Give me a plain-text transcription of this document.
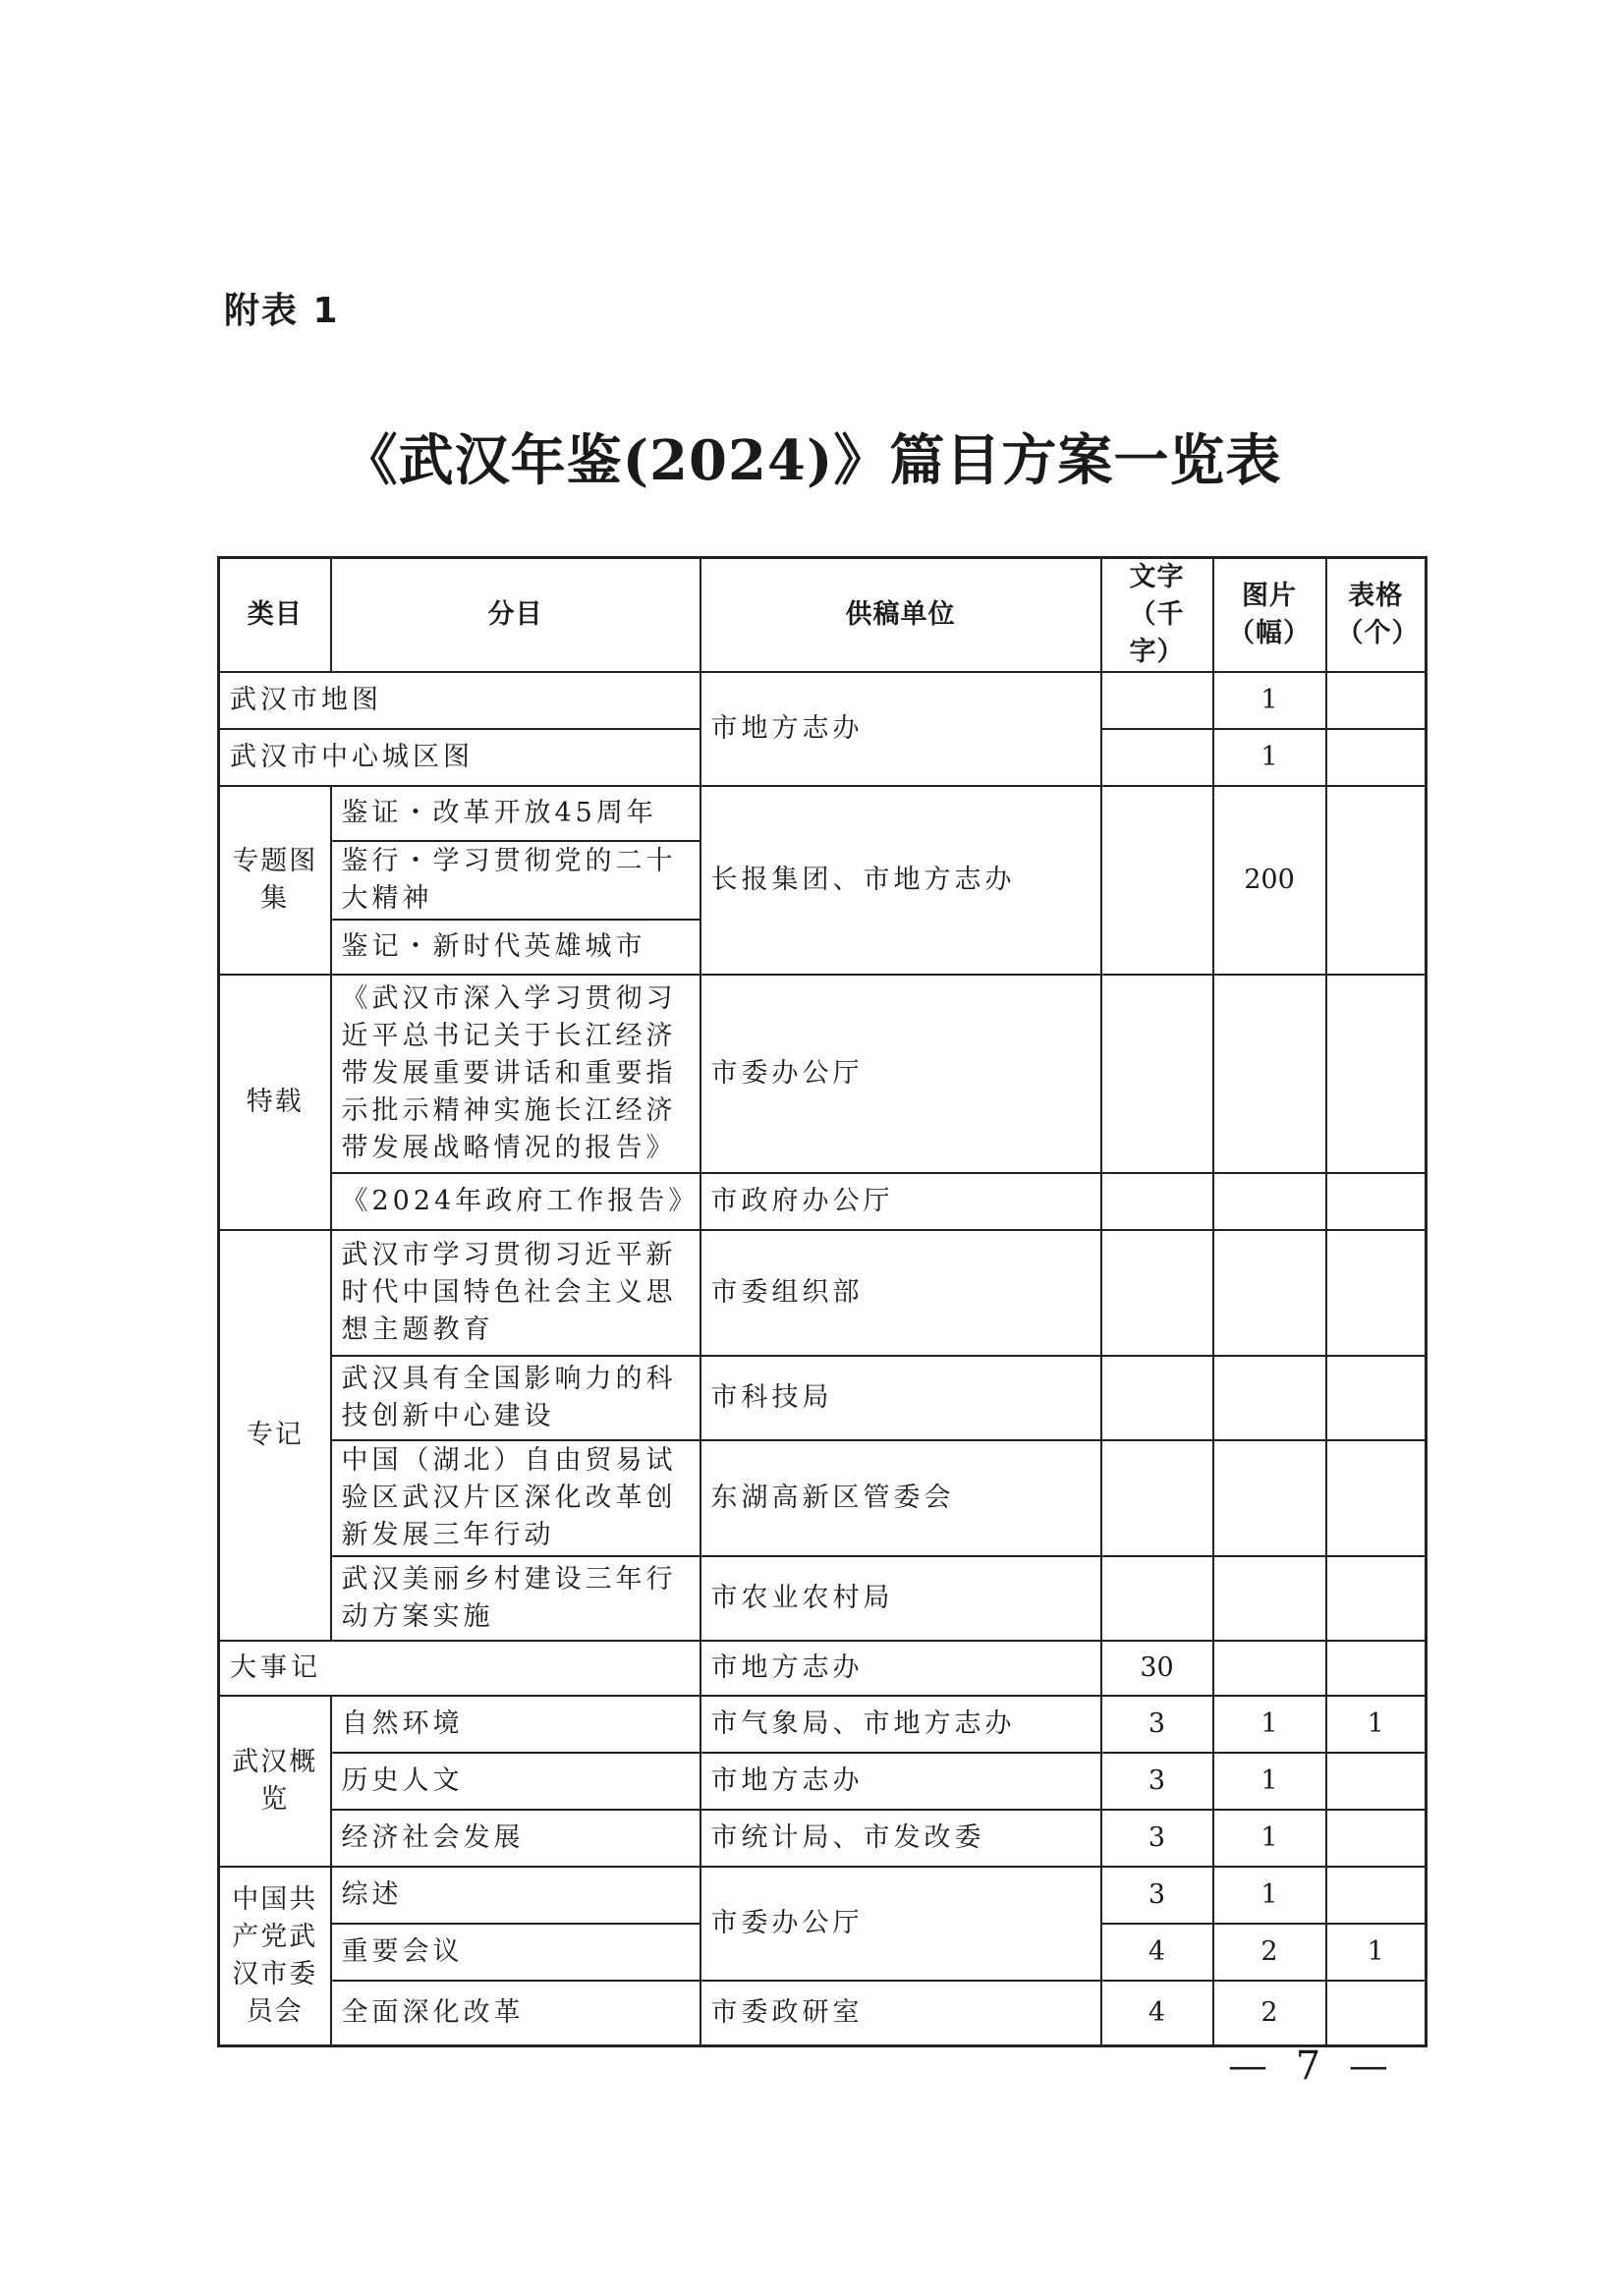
附表 1
《武汉年鉴(2024)》篇目方案一览表
类目	分目	供稿单位	文字（千字）	图片（幅）	表格（个）
武汉市地图		市地方志办		1	
武汉市中心城区图				1	
专题图集	鉴证・改革开放45周年	长报集团、市地方志办		200	
	鉴行・学习贯彻党的二十大精神				
	鉴记・新时代英雄城市				
特载	《武汉市深入学习贯彻习近平总书记关于长江经济带发展重要讲话和重要指示批示精神实施长江经济带发展战略情况的报告》	市委办公厅			
	《2024年政府工作报告》	市政府办公厅			
专记	武汉市学习贯彻习近平新时代中国特色社会主义思想主题教育	市委组织部			
	武汉具有全国影响力的科技创新中心建设	市科技局			
	中国（湖北）自由贸易试验区武汉片区深化改革创新发展三年行动	东湖高新区管委会			
	武汉美丽乡村建设三年行动方案实施	市农业农村局			
大事记		市地方志办	30		
武汉概览	自然环境	市气象局、市地方志办	3	1	1
	历史人文	市地方志办	3	1	
	经济社会发展	市统计局、市发改委	3	1	
中国共产党武汉市委员会	综述	市委办公厅	3	1	
	重要会议		4	2	1
	全面深化改革	市委政研室	4	2	
— 7 —
